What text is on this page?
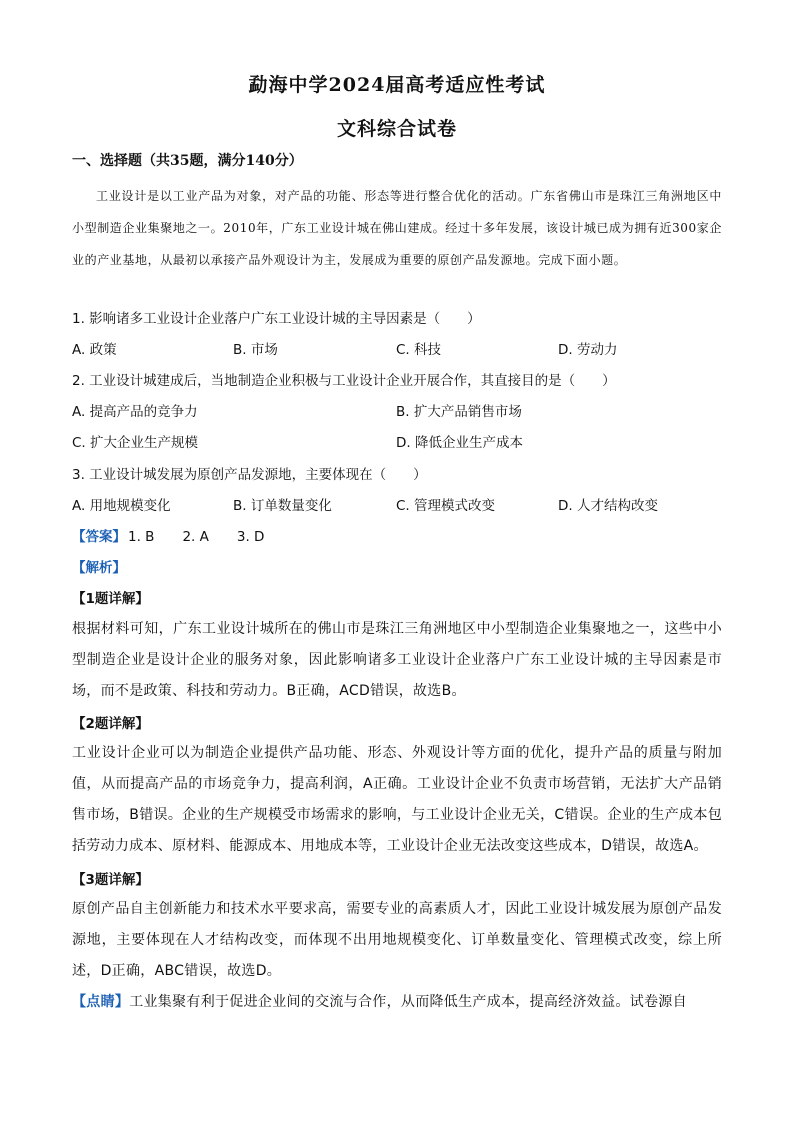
勐海中学2024届高考适应性考试
文科综合试卷
一、选择题（共35题，满分140分）
工业设计是以工业产品为对象，对产品的功能、形态等进行整合优化的活动。广东省佛山市是珠江三角洲地区中小型制造企业集聚地之一。2010年，广东工业设计城在佛山建成。经过十多年发展，该设计城已成为拥有近300家企业的产业基地，从最初以承接产品外观设计为主，发展成为重要的原创产品发源地。完成下面小题。
1. 影响诸多工业设计企业落户广东工业设计城的主导因素是（　　）
A. 政策	B. 市场	C. 科技	D. 劳动力
2. 工业设计城建成后，当地制造企业积极与工业设计企业开展合作，其直接目的是（　　）
A. 提高产品的竞争力	B. 扩大产品销售市场
C. 扩大企业生产规模	D. 降低企业生产成本
3. 工业设计城发展为原创产品发源地，主要体现在（　　）
A. 用地规模变化	B. 订单数量变化	C. 管理模式改变	D. 人才结构改变
【答案】 1. B 2. A 3. D
【解析】
【1题详解】
根据材料可知，广东工业设计城所在的佛山市是珠江三角洲地区中小型制造企业集聚地之一，这些中小型制造企业是设计企业的服务对象，因此影响诸多工业设计企业落户广东工业设计城的主导因素是市场，而不是政策、科技和劳动力。B正确，ACD错误，故选B。
【2题详解】
工业设计企业可以为制造企业提供产品功能、形态、外观设计等方面的优化，提升产品的质量与附加值，从而提高产品的市场竞争力，提高利润，A正确。工业设计企业不负责市场营销，无法扩大产品销售市场，B错误。企业的生产规模受市场需求的影响，与工业设计企业无关，C错误。企业的生产成本包括劳动力成本、原材料、能源成本、用地成本等，工业设计企业无法改变这些成本，D错误，故选A。
【3题详解】
原创产品自主创新能力和技术水平要求高，需要专业的高素质人才，因此工业设计城发展为原创产品发源地，主要体现在人才结构改变，而体现不出用地规模变化、订单数量变化、管理模式改变，综上所述，D正确，ABC错误，故选D。
【点睛】工业集聚有利于促进企业间的交流与合作，从而降低生产成本，提高经济效益。试卷源自
